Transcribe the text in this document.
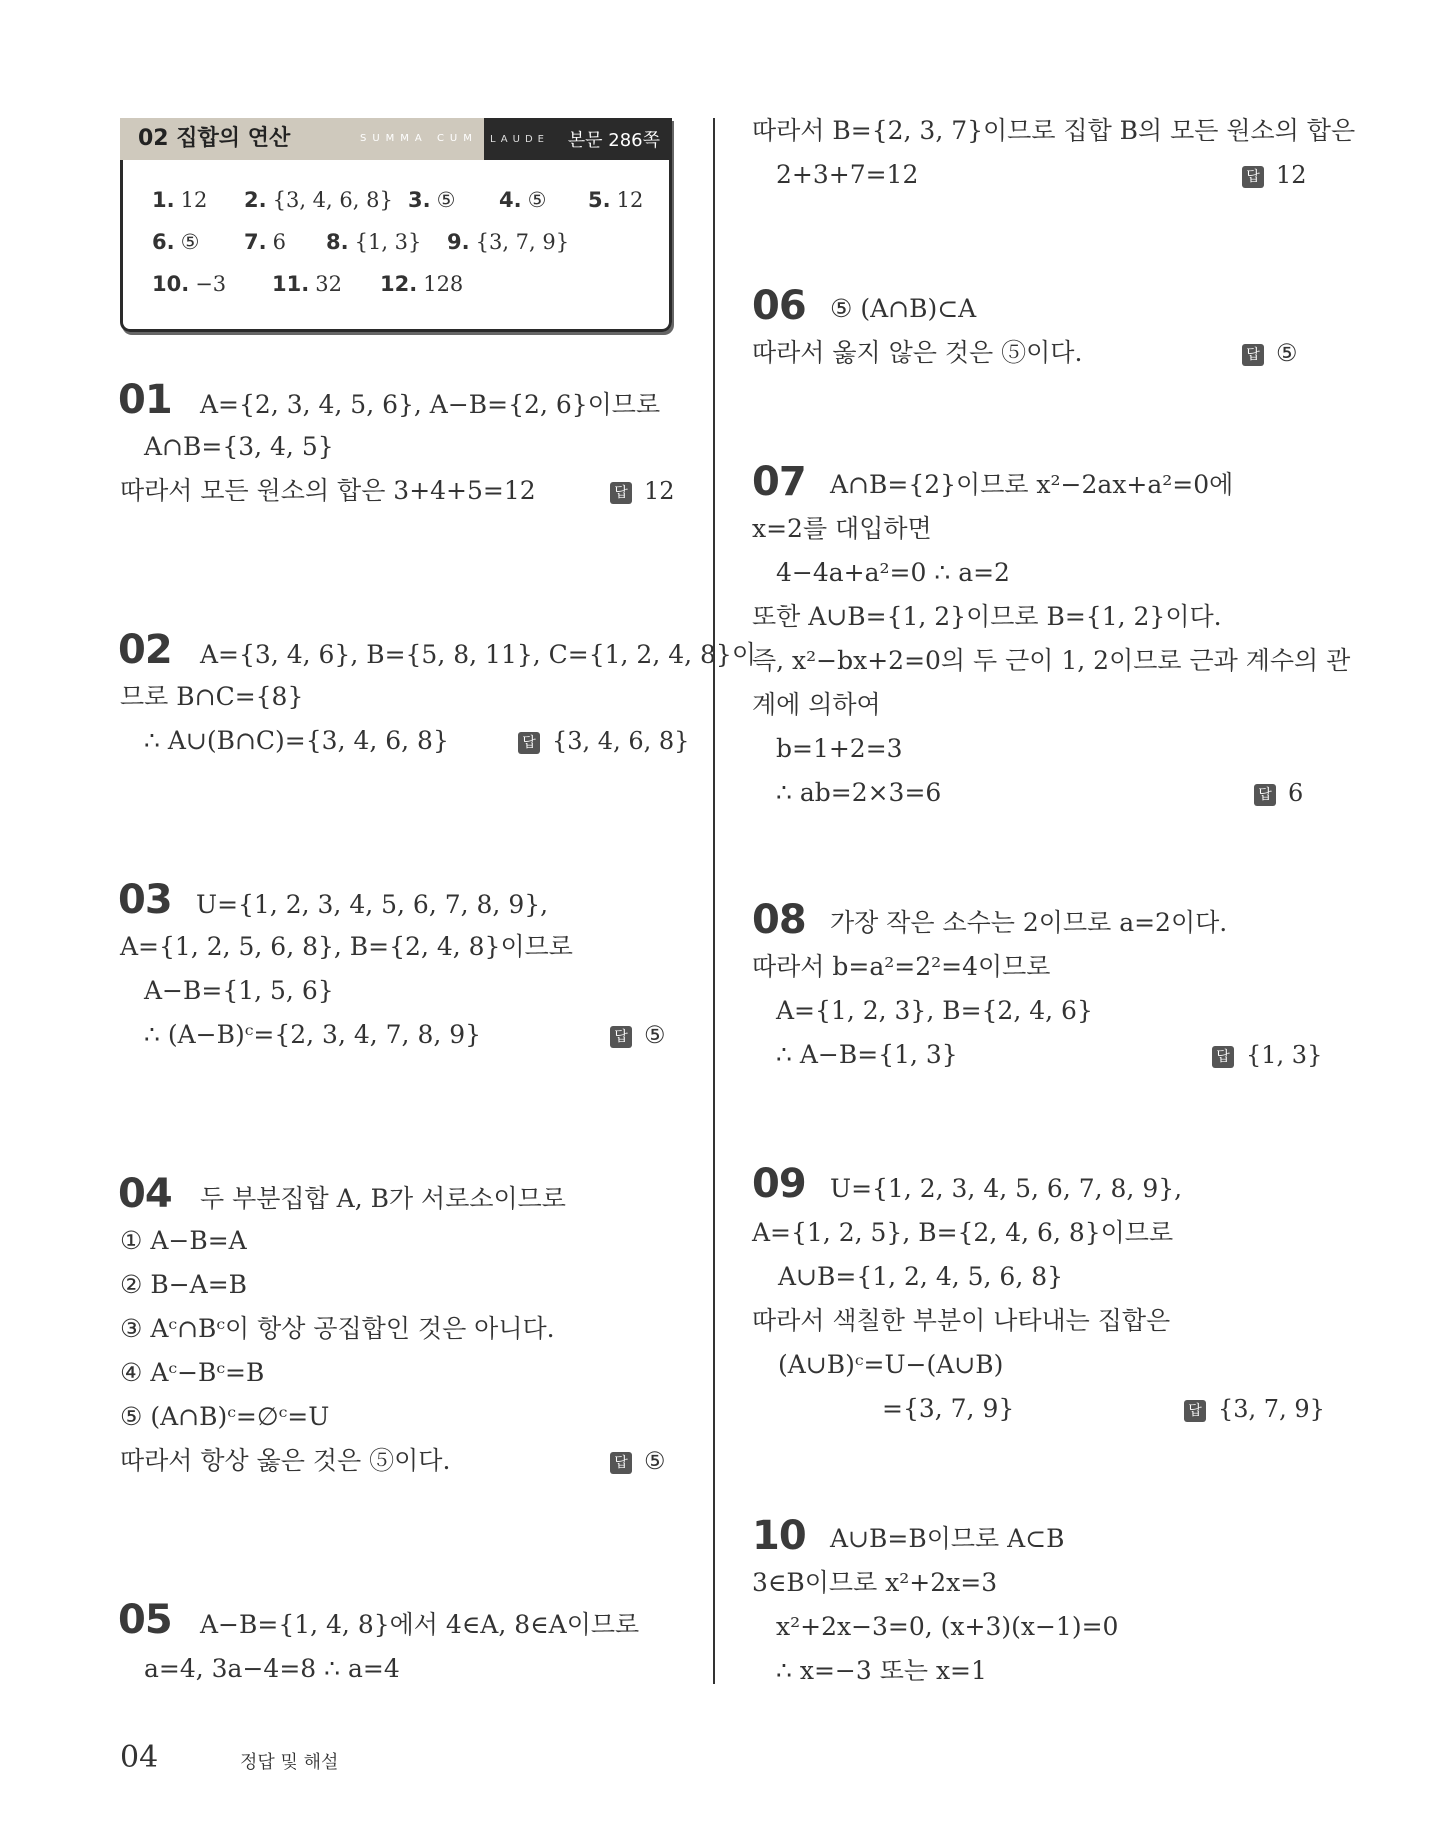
02 집합의 연산	SUMMA CUM	LAUDE 본문 286쪽
1. 12 2. {3, 4, 6, 8} 3. ⑤ 4. ⑤ 5. 12
6. ⑤ 7. 6 8. {1, 3} 9. {3, 7, 9}
10. −3 11. 32 12. 128
01 A={2, 3, 4, 5, 6}, A−B={2, 6}이므로
A∩B={3, 4, 5}
따라서 모든 원소의 합은 3+4+5=12	답 12
02 A={3, 4, 6}, B={5, 8, 11}, C={1, 2, 4, 8}이
므로 B∩C={8}
∴ A∪(B∩C)={3, 4, 6, 8}	답 {3, 4, 6, 8}
03 U={1, 2, 3, 4, 5, 6, 7, 8, 9},
A={1, 2, 5, 6, 8}, B={2, 4, 8}이므로
A−B={1, 5, 6}
∴ (A−B)ᶜ={2, 3, 4, 7, 8, 9}	답 ⑤
04 두 부분집합 A, B가 서로소이므로
① A−B=A
② B−A=B
③ Aᶜ∩Bᶜ이 항상 공집합인 것은 아니다.
④ Aᶜ−Bᶜ=B
⑤ (A∩B)ᶜ=∅ᶜ=U
따라서 항상 옳은 것은 ⑤이다.	답 ⑤
05 A−B={1, 4, 8}에서 4∈A, 8∈A이므로
a=4, 3a−4=8 ∴ a=4
따라서 B={2, 3, 7}이므로 집합 B의 모든 원소의 합은
2+3+7=12	답 12
06 ⑤ (A∩B)⊂A
따라서 옳지 않은 것은 ⑤이다.	답 ⑤
07 A∩B={2}이므로 x²−2ax+a²=0에
x=2를 대입하면
4−4a+a²=0 ∴ a=2
또한 A∪B={1, 2}이므로 B={1, 2}이다.
즉, x²−bx+2=0의 두 근이 1, 2이므로 근과 계수의 관
계에 의하여
b=1+2=3
∴ ab=2×3=6	답 6
08 가장 작은 소수는 2이므로 a=2이다.
따라서 b=a²=2²=4이므로
A={1, 2, 3}, B={2, 4, 6}
∴ A−B={1, 3}	답 {1, 3}
09 U={1, 2, 3, 4, 5, 6, 7, 8, 9},
A={1, 2, 5}, B={2, 4, 6, 8}이므로
A∪B={1, 2, 4, 5, 6, 8}
따라서 색칠한 부분이 나타내는 집합은
(A∪B)ᶜ=U−(A∪B)
={3, 7, 9}	답 {3, 7, 9}
10 A∪B=B이므로 A⊂B
3∈B이므로 x²+2x=3
x²+2x−3=0, (x+3)(x−1)=0
∴ x=−3 또는 x=1
04	정답 및 해설
